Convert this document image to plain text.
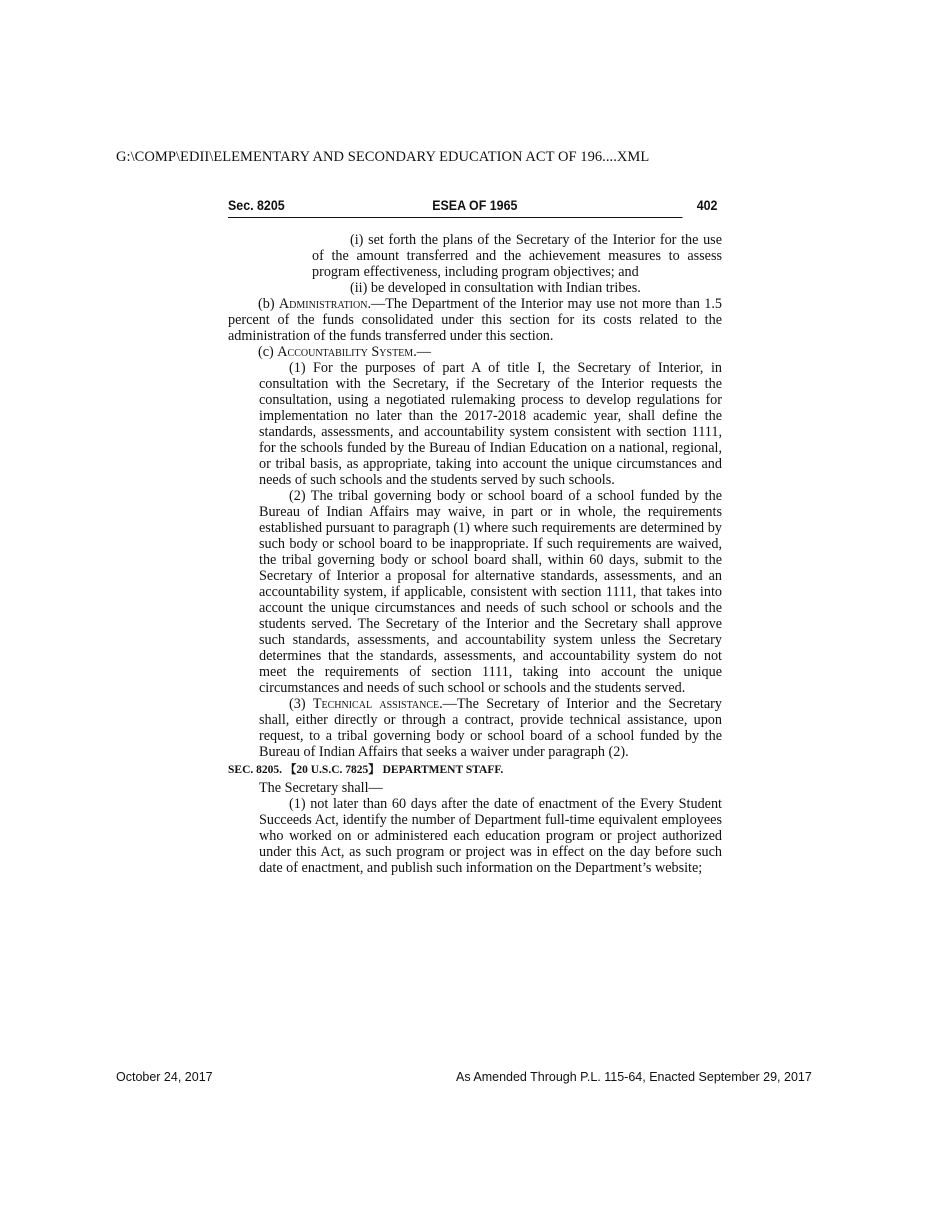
G:\COMP\EDII\ELEMENTARY AND SECONDARY EDUCATION ACT OF 196....XML
Sec. 8205	ESEA OF 1965	402

(i) set forth the plans of the Secretary of the Interior for the use of the amount transferred and the achievement measures to assess program effectiveness, including program objectives; and

(ii) be developed in consultation with Indian tribes.

(b) Administration.—The Department of the Interior may use not more than 1.5 percent of the funds consolidated under this section for its costs related to the administration of the funds transferred under this section.

(c) Accountability System.—

(1) For the purposes of part A of title I, the Secretary of Interior, in consultation with the Secretary, if the Secretary of the Interior requests the consultation, using a negotiated rulemaking process to develop regulations for implementation no later than the 2017-2018 academic year, shall define the standards, assessments, and accountability system consistent with section 1111, for the schools funded by the Bureau of Indian Education on a national, regional, or tribal basis, as appropriate, taking into account the unique circumstances and needs of such schools and the students served by such schools.

(2) The tribal governing body or school board of a school funded by the Bureau of Indian Affairs may waive, in part or in whole, the requirements established pursuant to paragraph (1) where such requirements are determined by such body or school board to be inappropriate. If such requirements are waived, the tribal governing body or school board shall, within 60 days, submit to the Secretary of Interior a proposal for alternative standards, assessments, and an accountability system, if applicable, consistent with section 1111, that takes into account the unique circumstances and needs of such school or schools and the students served. The Secretary of the Interior and the Secretary shall approve such standards, assessments, and accountability system unless the Secretary determines that the standards, assessments, and accountability system do not meet the requirements of section 1111, taking into account the unique circumstances and needs of such school or schools and the students served.

(3) Technical assistance.—The Secretary of Interior and the Secretary shall, either directly or through a contract, provide technical assistance, upon request, to a tribal governing body or school board of a school funded by the Bureau of Indian Affairs that seeks a waiver under paragraph (2).

SEC. 8205. 【20 U.S.C. 7825】 DEPARTMENT STAFF.

The Secretary shall—

(1) not later than 60 days after the date of enactment of the Every Student Succeeds Act, identify the number of Department full-time equivalent employees who worked on or administered each education program or project authorized under this Act, as such program or project was in effect on the day before such date of enactment, and publish such information on the Department’s website;

October 24, 2017	As Amended Through P.L. 115-64, Enacted September 29, 2017
